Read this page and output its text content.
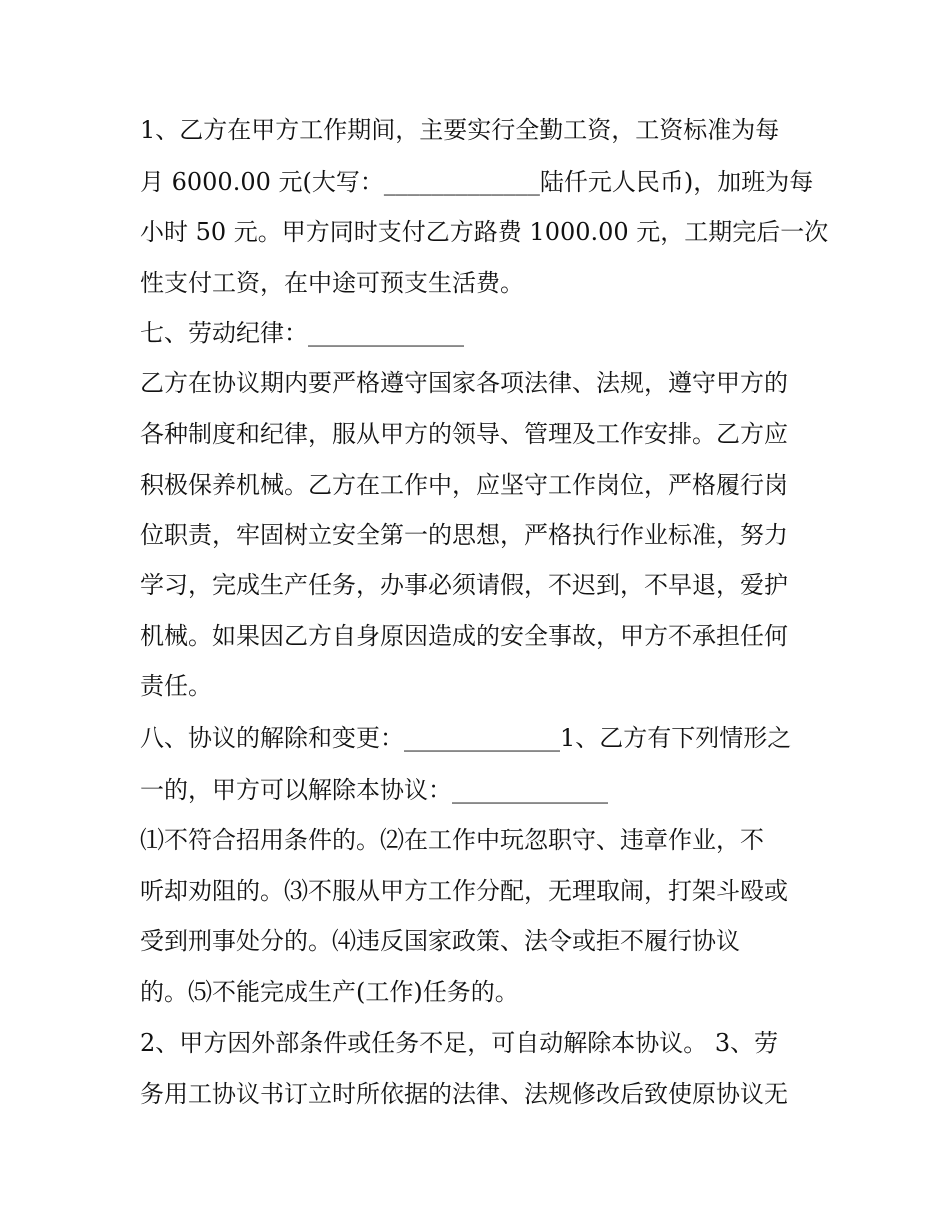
1、乙方在甲方工作期间，主要实行全勤工资，工资标准为每
月 6000.00 元(大写：_____________陆仟元人民币)，加班为每
小时 50 元。甲方同时支付乙方路费 1000.00 元，工期完后一次
性支付工资，在中途可预支生活费。
七、劳动纪律：_____________
乙方在协议期内要严格遵守国家各项法律、法规，遵守甲方的
各种制度和纪律，服从甲方的领导、管理及工作安排。乙方应
积极保养机械。乙方在工作中，应坚守工作岗位，严格履行岗
位职责，牢固树立安全第一的思想，严格执行作业标准，努力
学习，完成生产任务，办事必须请假，不迟到，不早退，爱护
机械。如果因乙方自身原因造成的安全事故，甲方不承担任何
责任。
八、协议的解除和变更：_____________1、乙方有下列情形之
一的，甲方可以解除本协议：_____________
⑴不符合招用条件的。⑵在工作中玩忽职守、违章作业，不
听却劝阻的。⑶不服从甲方工作分配，无理取闹，打架斗殴或
受到刑事处分的。⑷违反国家政策、法令或拒不履行协议
的。⑸不能完成生产(工作)任务的。
2、甲方因外部条件或任务不足，可自动解除本协议。 3、劳
务用工协议书订立时所依据的法律、法规修改后致使原协议无
